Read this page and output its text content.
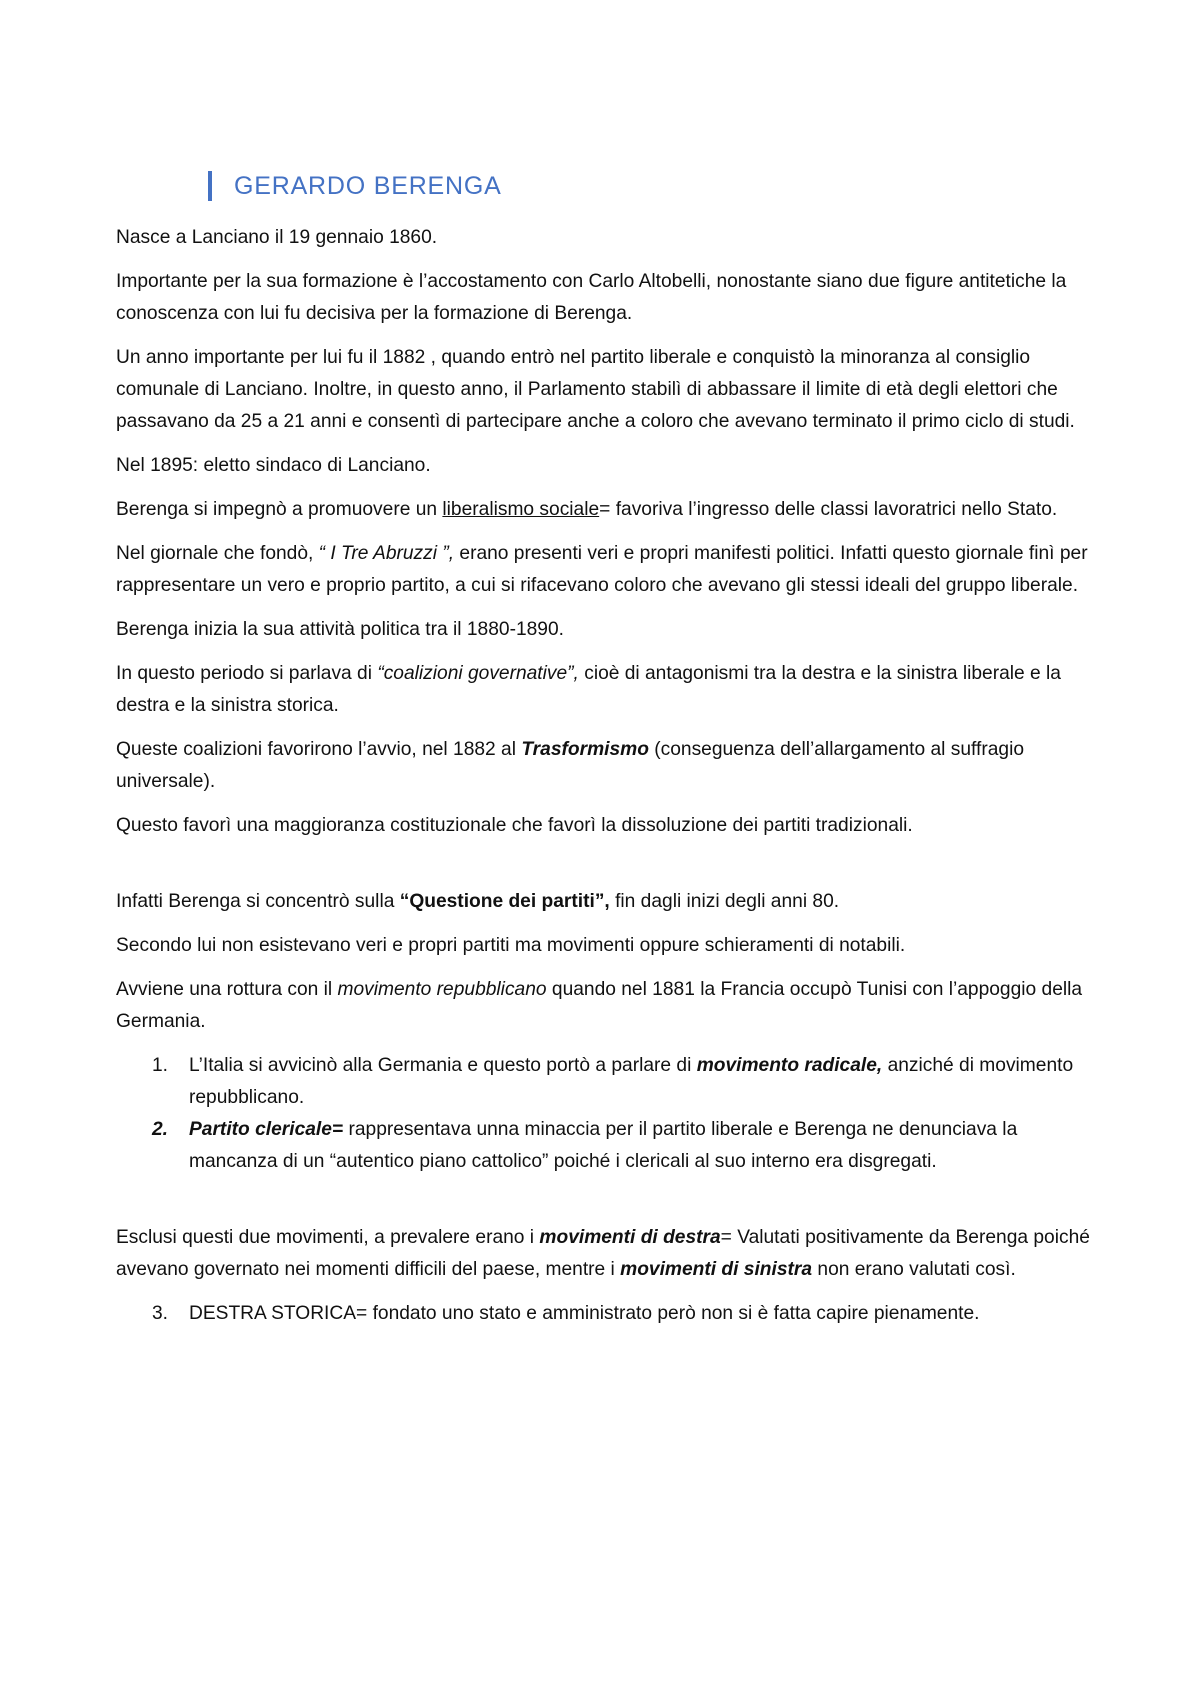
GERARDO BERENGA

Nasce a Lanciano il 19 gennaio 1860.

Importante per la sua formazione è l’accostamento con Carlo Altobelli, nonostante siano due figure antitetiche la conoscenza con lui fu decisiva per la formazione di Berenga.

Un anno importante per lui fu il 1882 , quando entrò nel partito liberale e conquistò la minoranza al consiglio comunale di Lanciano. Inoltre, in questo anno, il Parlamento stabilì di abbassare il limite di età degli elettori che passavano da 25 a 21 anni e consentì di partecipare anche a coloro che avevano terminato il primo ciclo di studi.

Nel 1895: eletto sindaco di Lanciano.

Berenga si impegnò a promuovere un liberalismo sociale= favoriva l’ingresso delle classi lavoratrici nello Stato.

Nel giornale che fondò, “ I Tre Abruzzi ”, erano presenti veri e propri manifesti politici. Infatti questo giornale finì per rappresentare un vero e proprio partito, a cui si rifacevano coloro che avevano gli stessi ideali del gruppo liberale.

Berenga inizia la sua attività politica tra il 1880-1890.

In questo periodo si parlava di “coalizioni governative”, cioè di antagonismi tra la destra e la sinistra liberale e la destra e la sinistra storica.

Queste coalizioni favorirono l’avvio, nel 1882 al Trasformismo (conseguenza dell’allargamento al suffragio universale).

Questo favorì una maggioranza costituzionale che favorì la dissoluzione dei partiti tradizionali.

Infatti Berenga si concentrò sulla “Questione dei partiti”, fin dagli inizi degli anni 80.

Secondo lui non esistevano veri e propri partiti ma movimenti oppure schieramenti di notabili.

Avviene una rottura con il movimento repubblicano quando nel 1881 la Francia occupò Tunisi con l’appoggio della Germania.

1. L’Italia si avvicinò alla Germania e questo portò a parlare di movimento radicale, anziché di movimento repubblicano.
2. Partito clericale= rappresentava unna minaccia per il partito liberale e Berenga ne denunciava la mancanza di un “autentico piano cattolico” poiché i clericali al suo interno era disgregati.

Esclusi questi due movimenti, a prevalere erano i movimenti di destra= Valutati positivamente da Berenga poiché avevano governato nei momenti difficili del paese, mentre i movimenti di sinistra non erano valutati così.

3. DESTRA STORICA= fondato uno stato e amministrato però non si è fatta capire pienamente.
